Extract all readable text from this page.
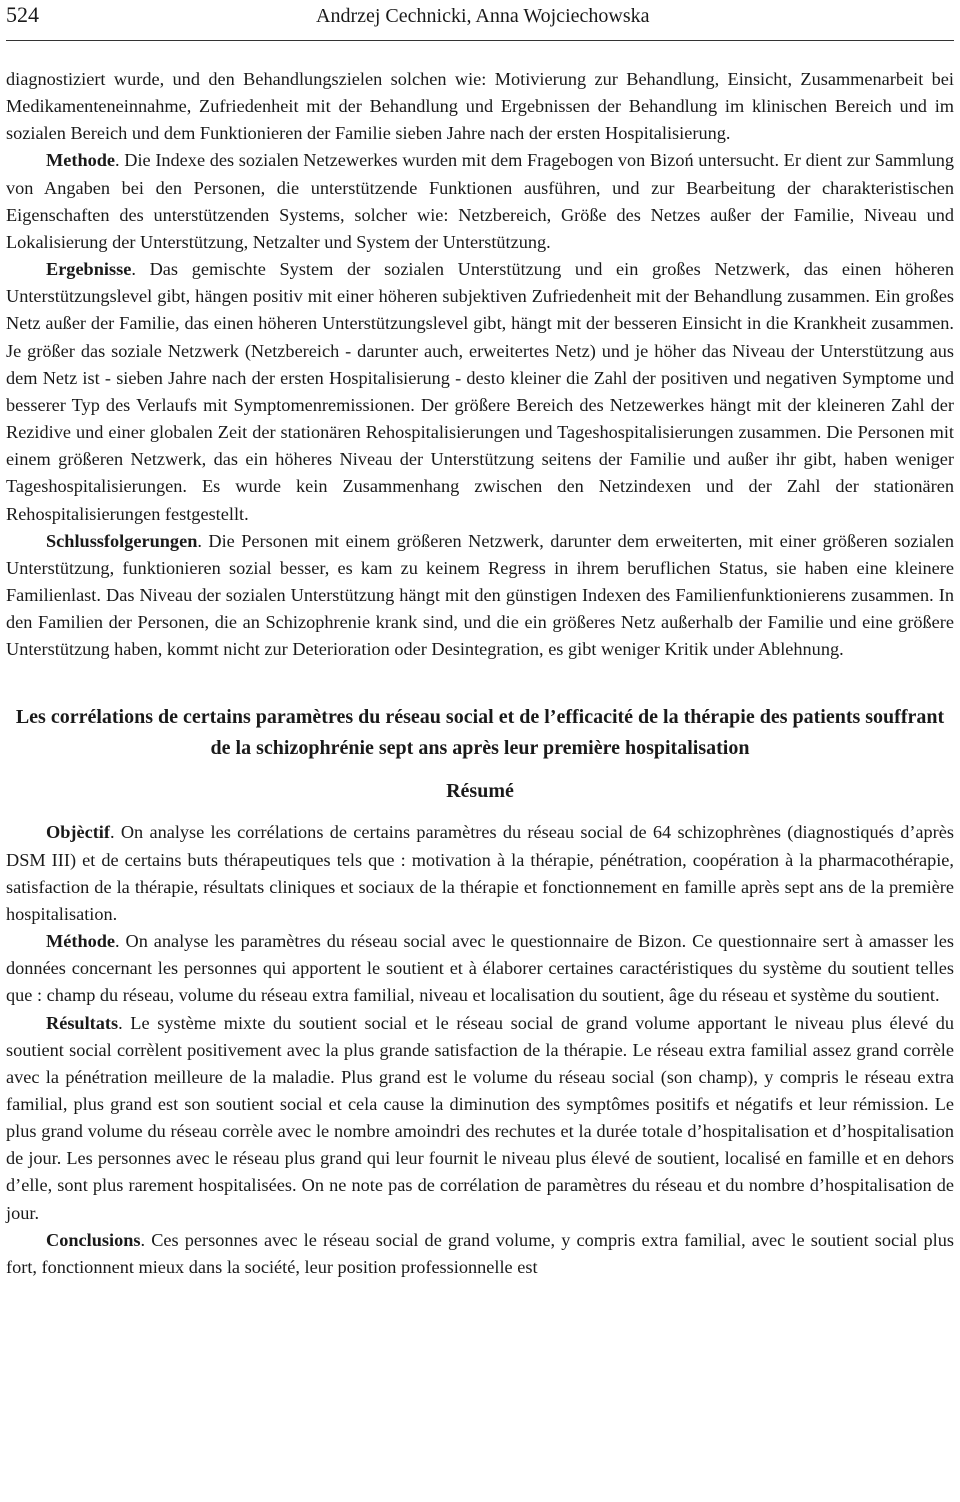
524	Andrzej Cechnicki, Anna Wojciechowska

diagnostiziert wurde, und den Behandlungszielen solchen wie: Motivierung zur Behandlung, Einsicht, Zusammenarbeit bei Medikamenteneinnahme, Zufriedenheit mit der Behandlung und Ergebnissen der Behandlung im klinischen Bereich und im sozialen Bereich und dem Funktionieren der Familie sieben Jahre nach der ersten Hospitalisierung.

Methode. Die Indexe des sozialen Netzewerkes wurden mit dem Fragebogen von Bizoń untersucht. Er dient zur Sammlung von Angaben bei den Personen, die unterstützende Funktionen ausführen, und zur Bearbeitung der charakteristischen Eigenschaften des unterstützenden Systems, solcher wie: Netzbereich, Größe des Netzes außer der Familie, Niveau und Lokalisierung der Unterstützung, Netzalter und System der Unterstützung.

Ergebnisse. Das gemischte System der sozialen Unterstützung und ein großes Netzwerk, das einen höheren Unterstützungslevel gibt, hängen positiv mit einer höheren subjektiven Zufriedenheit mit der Behandlung zusammen. Ein großes Netz außer der Familie, das einen höheren Unterstützungslevel gibt, hängt mit der besseren Einsicht in die Krankheit zusammen. Je größer das soziale Netzwerk (Netzbereich - darunter auch, erweitertes Netz) und je höher das Niveau der Unterstützung aus dem Netz ist - sieben Jahre nach der ersten Hospitalisierung - desto kleiner die Zahl der positiven und negativen Symptome und besserer Typ des Verlaufs mit Symptomenremissionen. Der größere Bereich des Netzewerkes hängt mit der kleineren Zahl der Rezidive und einer globalen Zeit der stationären Rehospitalisierungen und Tageshospitalisierungen zusammen. Die Personen mit einem größeren Netzwerk, das ein höheres Niveau der Unterstützung seitens der Familie und außer ihr gibt, haben weniger Tageshospitalisierungen. Es wurde kein Zusammenhang zwischen den Netzindexen und der Zahl der stationären Rehospitalisierungen festgestellt.

Schlussfolgerungen. Die Personen mit einem größeren Netzwerk, darunter dem erweiterten, mit einer größeren sozialen Unterstützung, funktionieren sozial besser, es kam zu keinem Regress in ihrem beruflichen Status, sie haben eine kleinere Familienlast. Das Niveau der sozialen Unterstützung hängt mit den günstigen Indexen des Familienfunktionierens zusammen. In den Familien der Personen, die an Schizophrenie krank sind, und die ein größeres Netz außerhalb der Familie und eine größere Unterstützung haben, kommt nicht zur Deterioration oder Desintegration, es gibt weniger Kritik under Ablehnung.

Les corrélations de certains paramètres du réseau social et de l’efficacité de la thérapie des patients souffrant de la schizophrénie sept ans après leur première hospitalisation
Résumé

Objèctif. On analyse les corrélations de certains paramètres du réseau social de 64 schizophrènes (diagnostiqués d’après DSM III) et de certains buts thérapeutiques tels que : motivation à la thérapie, pénétration, coopération à la pharmacothérapie, satisfaction de la thérapie, résultats cliniques et sociaux de la thérapie et fonctionnement en famille après sept ans de la première hospitalisation.

Méthode. On analyse les paramètres du réseau social avec le questionnaire de Bizon. Ce questionnaire sert à amasser les données concernant les personnes qui apportent le soutient et à élaborer certaines caractéristiques du système du soutient telles que : champ du réseau, volume du réseau extra familial, niveau et localisation du soutient, âge du réseau et système du soutient.

Résultats. Le système mixte du soutient social et le réseau social de grand volume apportant le niveau plus élevé du soutient social corrèlent positivement avec la plus grande satisfaction de la thérapie. Le réseau extra familial assez grand corrèle avec la pénétration meilleure de la maladie. Plus grand est le volume du réseau social (son champ), y compris le réseau extra familial, plus grand est son soutient social et cela cause la diminution des symptômes positifs et négatifs et leur rémission. Le plus grand volume du réseau corrèle avec le nombre amoindri des rechutes et la durée totale d’hospitalisation et d’hospitalisation de jour. Les personnes avec le réseau plus grand qui leur fournit le niveau plus élevé de soutient, localisé en famille et en dehors d’elle, sont plus rarement hospitalisées. On ne note pas de corrélation de paramètres du réseau et du nombre d’hospitalisation de jour.

Conclusions. Ces personnes avec le réseau social de grand volume, y compris extra familial, avec le soutient social plus fort, fonctionnent mieux dans la société, leur position professionnelle est
